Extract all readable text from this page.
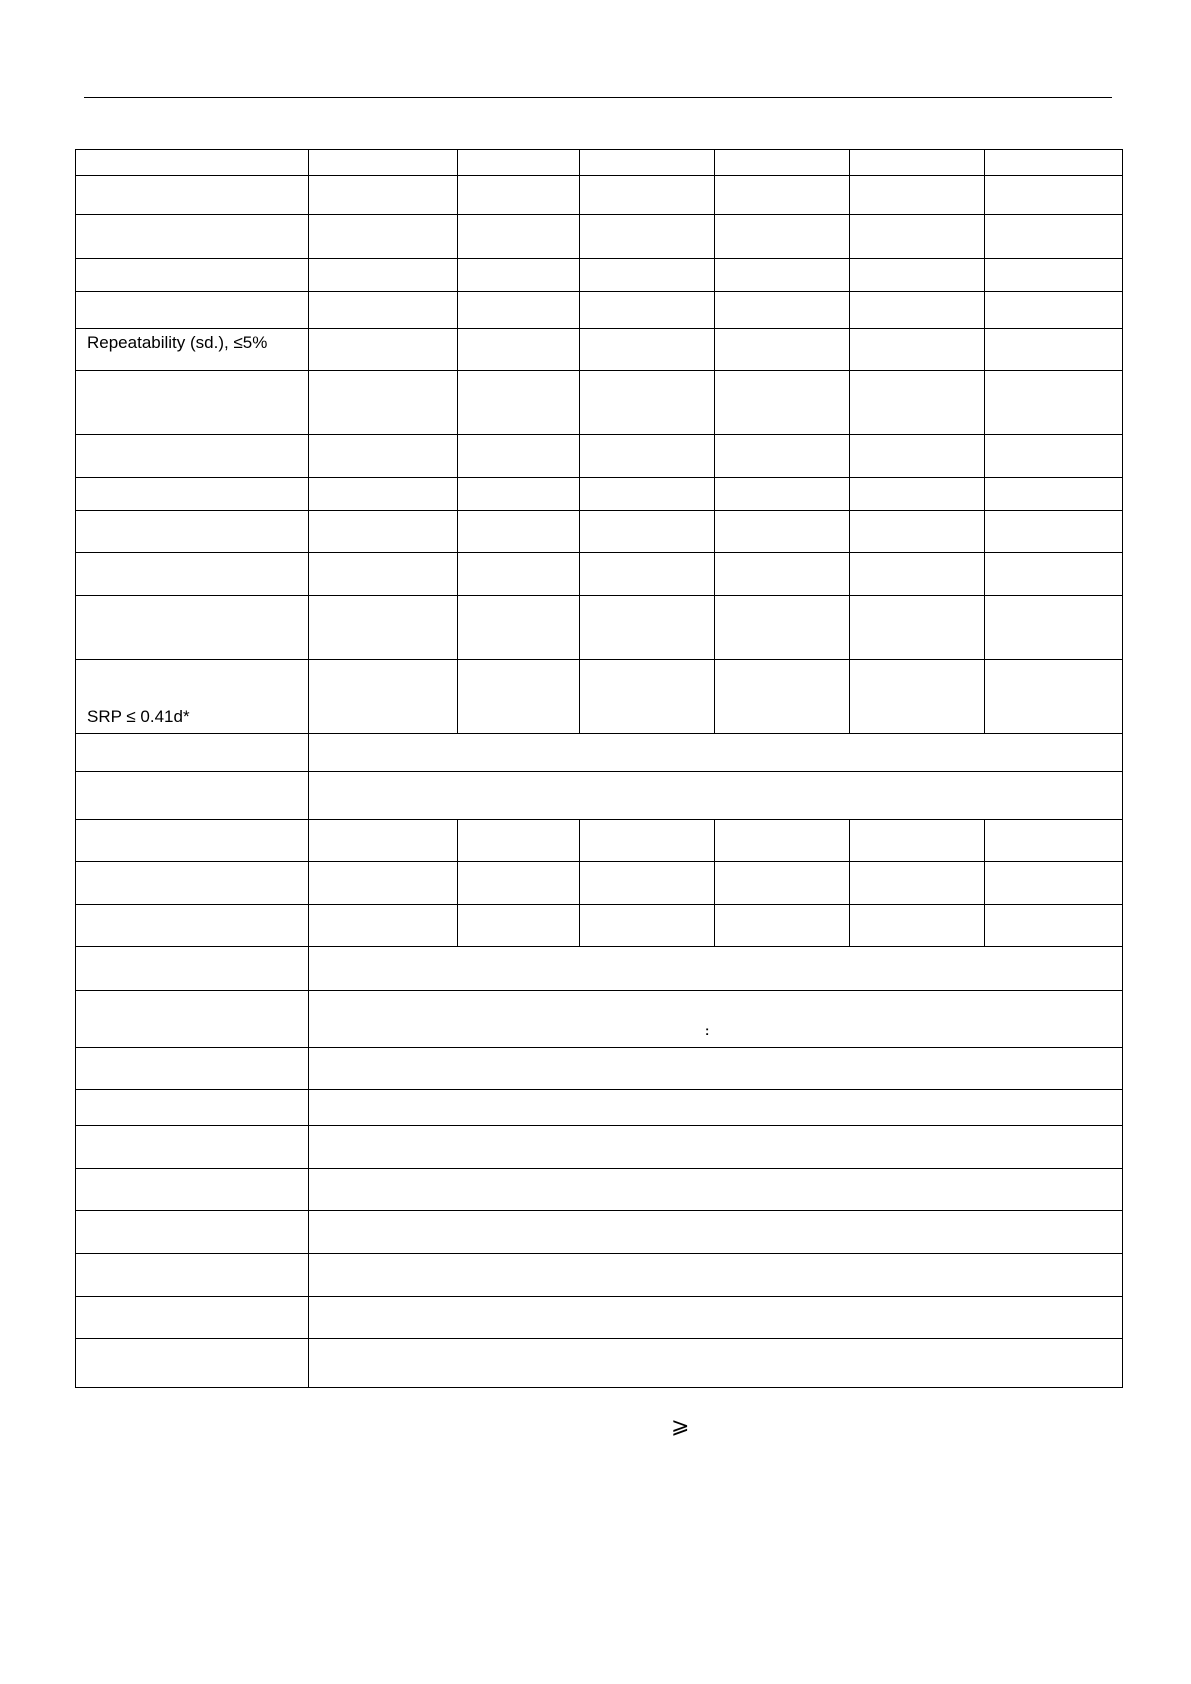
Repeatability (sd.), ≤5%						

SRP ≤ 0.41d*						

:
⩾
